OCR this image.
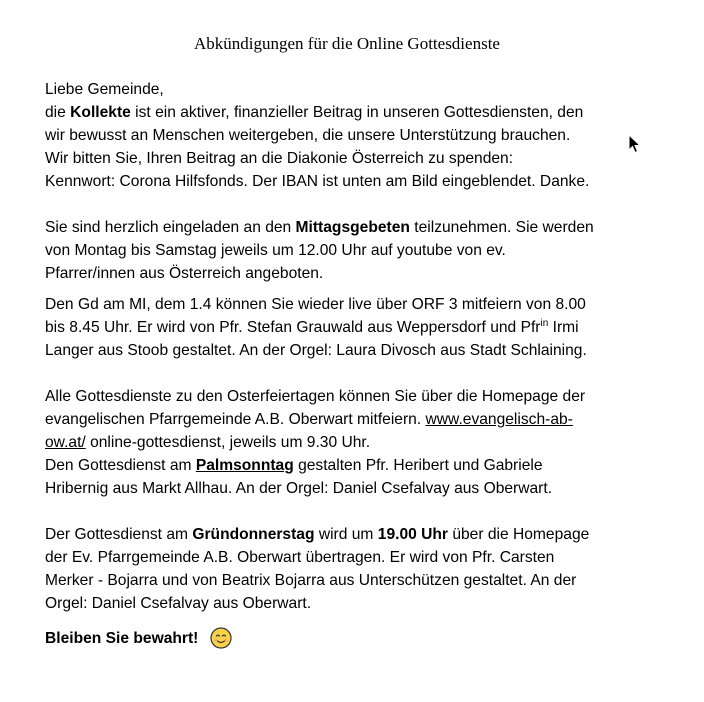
Abkündigungen für die Online Gottesdienste
Liebe Gemeinde,
die Kollekte ist ein aktiver, finanzieller Beitrag in unseren Gottesdiensten, den
wir bewusst an Menschen weitergeben, die unsere Unterstützung brauchen.
Wir bitten Sie, Ihren Beitrag an die Diakonie Österreich zu spenden:
Kennwort: Corona Hilfsfonds. Der IBAN ist unten am Bild eingeblendet. Danke.
Sie sind herzlich eingeladen an den Mittagsgebeten teilzunehmen. Sie werden
von Montag bis Samstag jeweils um 12.00 Uhr auf youtube von ev.
Pfarrer/innen aus Österreich angeboten.
Den Gd am MI, dem 1.4 können Sie wieder live über ORF 3 mitfeiern von 8.00
bis 8.45 Uhr. Er wird von Pfr. Stefan Grauwald aus Weppersdorf und Pfr$^{in}$ Irmi
Langer aus Stoob gestaltet. An der Orgel: Laura Divosch aus Stadt Schlaining.
Alle Gottesdienste zu den Osterfeiertagen können Sie über die Homepage der
evangelischen Pfarrgemeinde A.B. Oberwart mitfeiern. www.evangelisch-ab-
ow.at/ online-gottesdienst, jeweils um 9.30 Uhr.
Den Gottesdienst am Palmsonntag gestalten Pfr. Heribert und Gabriele
Hribernig aus Markt Allhau. An der Orgel: Daniel Csefalvay aus Oberwart.
Der Gottesdienst am Gründonnerstag wird um 19.00 Uhr über die Homepage
der Ev. Pfarrgemeinde A.B. Oberwart übertragen. Er wird von Pfr. Carsten
Merker - Bojarra und von Beatrix Bojarra aus Unterschützen gestaltet. An der
Orgel: Daniel Csefalvay aus Oberwart.
Bleiben Sie bewahrt!
